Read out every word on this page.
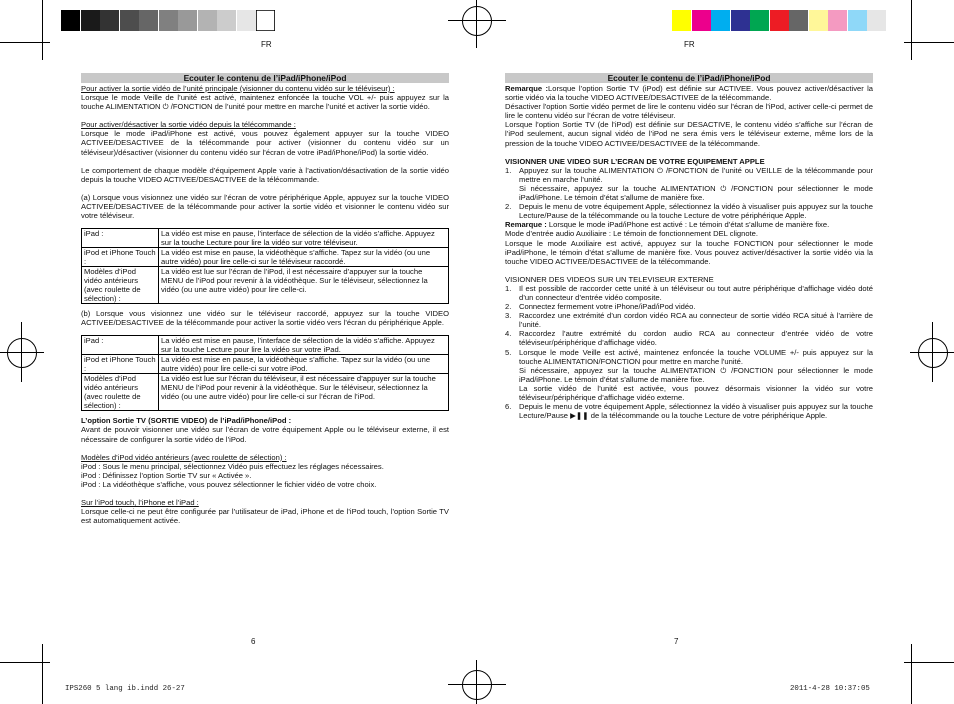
FR	FR
Ecouter le contenu de l’iPad/iPhone/iPod

Pour activer la sortie vidéo de l’unité principale (visionner du contenu vidéo sur le téléviseur) :

Lorsque le mode Veille de l’unité est activé, maintenez enfoncée la touche VOL +/- puis appuyez sur la touche ALIMENTATION ⏻ /FONCTION de l’unité pour mettre en marche l’unité et activer la sortie vidéo.

Pour activer/désactiver la sortie vidéo depuis la télécommande :

Lorsque le mode iPad/iPhone est activé, vous pouvez également appuyer sur la touche VIDEO ACTIVEE/DESACTIVEE de la télécommande pour activer (visionner du contenu vidéo sur un téléviseur)/désactiver (visionner du contenu vidéo sur l’écran de votre iPad/iPhone/iPod) la sortie vidéo.

Le comportement de chaque modèle d’équipement Apple varie à l’activation/désactivation de la sortie vidéo depuis la touche VIDEO ACTIVEE/DESACTIVEE de la télécommande.

(a) Lorsque vous visionnez une vidéo sur l’écran de votre périphérique Apple, appuyez sur la touche VIDEO ACTIVEE/DESACTIVEE de la télécommande pour activer la sortie vidéo et visionner le contenu vidéo sur votre téléviseur.

iPad :	La vidéo est mise en pause, l’interface de sélection de la vidéo s’affiche. Appuyez sur la touche Lecture pour lire la vidéo sur votre téléviseur.
iPod et iPhone Touch :	La vidéo est mise en pause, la vidéothèque s’affiche. Tapez sur la vidéo (ou une autre vidéo) pour lire celle-ci sur le téléviseur raccordé.
Modèles d’iPod vidéo antérieurs (avec roulette de sélection) :	La vidéo est lue sur l’écran de l’iPod, il est nécessaire d’appuyer sur la touche MENU de l’iPod pour revenir à la vidéothèque. Sur le téléviseur, sélectionnez la vidéo (ou une autre vidéo) pour lire celle-ci.

(b) Lorsque vous visionnez une vidéo sur le téléviseur raccordé, appuyez sur la touche VIDEO ACTIVEE/DESACTIVEE de la télécommande pour activer la sortie vidéo vers l’écran du périphérique Apple.

iPad :	La vidéo est mise en pause, l’interface de sélection de la vidéo s’affiche. Appuyez sur la touche Lecture pour lire la vidéo sur votre iPad.
iPod et iPhone Touch :	La vidéo est mise en pause, la vidéothèque s’affiche. Tapez sur la vidéo (ou une autre vidéo) pour lire celle-ci sur votre iPod.
Modèles d’iPod vidéo antérieurs (avec roulette de sélection) :	La vidéo est lue sur l’écran du téléviseur, il est nécessaire d’appuyer sur la touche MENU de l’iPod pour revenir à la vidéothèque. Sur le téléviseur, sélectionnez la vidéo (ou une autre vidéo) pour lire celle-ci sur l’écran de l’iPod.

L’option Sortie TV (SORTIE VIDEO) de l’iPad/iPhone/iPod :

Avant de pouvoir visionner une vidéo sur l’écran de votre équipement Apple ou le téléviseur externe, il est nécessaire de configurer la sortie vidéo de l’iPod.

Modèles d’iPod vidéo antérieurs (avec roulette de sélection) :

iPod : Sous le menu principal, sélectionnez Vidéo puis effectuez les réglages nécessaires.

iPod : Définissez l’option Sortie TV sur « Activée ».

iPod : La vidéothèque s’affiche, vous pouvez sélectionner le fichier vidéo de votre choix.

Sur l’iPod touch, l’iPhone et l’iPad :

Lorsque celle-ci ne peut être configurée par l’utilisateur de iPad, iPhone et de l’iPod touch, l’option Sortie TV est automatiquement activée.

Ecouter le contenu de l’iPad/iPhone/iPod

Remarque :Lorsque l’option Sortie TV (iPod) est définie sur ACTIVEE. Vous pouvez activer/désactiver la sortie vidéo via la touche VIDEO ACTIVEE/DESACTIVEE de la télécommande.

Désactiver l'option Sortie vidéo permet de lire le contenu vidéo sur l'écran de l'iPod, activer celle-ci permet de lire le contenu vidéo sur l’écran de votre téléviseur.

Lorsque l’option Sortie TV (de l’iPod) est définie sur DESACTIVE, le contenu vidéo s’affiche sur l’écran de l’iPod seulement, aucun signal vidéo de l’iPod ne sera émis vers le téléviseur externe, même lors de la pression de la touche VIDEO ACTIVEE/DESACTIVEE de la télécommande.

VISIONNER UNE VIDEO SUR L’ECRAN DE VOTRE EQUIPEMENT APPLE

1. Appuyez sur la touche ALIMENTATION ⏻ /FONCTION de l’unité ou VEILLE de la télécommande pour mettre en marche l’unité.
Si nécessaire, appuyez sur la touche ALIMENTATION ⏻ /FONCTION pour sélectionner le mode iPad/iPhone. Le témoin d’état s’allume de manière fixe.
2. Depuis le menu de votre équipement Apple, sélectionnez la vidéo à visualiser puis appuyez sur la touche Lecture/Pause de la télécommande ou la touche Lecture de votre périphérique Apple.

Remarque : Lorsque le mode iPad/iPhone est activé : Le témoin d’état s’allume de manière fixe.

Mode d’entrée audio Auxiliaire : Le témoin de fonctionnement DEL clignote.

Lorsque le mode Auxiliaire est activé, appuyez sur la touche FONCTION pour sélectionner le mode iPad/iPhone, le témoin d’état s’allume de manière fixe. Vous pouvez activer/désactiver la sortie vidéo via la touche VIDEO ACTIVEE/DESACTIVEE de la télécommande.

VISIONNER DES VIDEOS SUR UN TELEVISEUR EXTERNE

1. Il est possible de raccorder cette unité à un téléviseur ou tout autre périphérique d’affichage vidéo doté d’un connecteur d’entrée vidéo composite.
2. Connectez fermement votre iPhone/iPad/iPod vidéo.
3. Raccordez une extrémité d’un cordon vidéo RCA au connecteur de sortie vidéo RCA situé à l’arrière de l’unité.
4. Raccordez l’autre extrémité du cordon audio RCA au connecteur d’entrée vidéo de votre téléviseur/périphérique d’affichage vidéo.
5. Lorsque le mode Veille est activé, maintenez enfoncée la touche VOLUME +/- puis appuyez sur la touche ALIMENTATION/FONCTION pour mettre en marche l'unité.
Si nécessaire, appuyez sur la touche ALIMENTATION ⏻ /FONCTION pour sélectionner le mode iPad/iPhone. Le témoin d’état s’allume de manière fixe.
La sortie vidéo de l’unité est activée, vous pouvez désormais visionner la vidéo sur votre téléviseur/périphérique d’affichage vidéo externe.
6. Depuis le menu de votre équipement Apple, sélectionnez la vidéo à visualiser puis appuyez sur la touche Lecture/Pause ▶❚❚ de la télécommande ou la touche Lecture de votre périphérique Apple.
6	7
IPS260 5 lang ib.indd 26-27	2011-4-28 10:37:05
